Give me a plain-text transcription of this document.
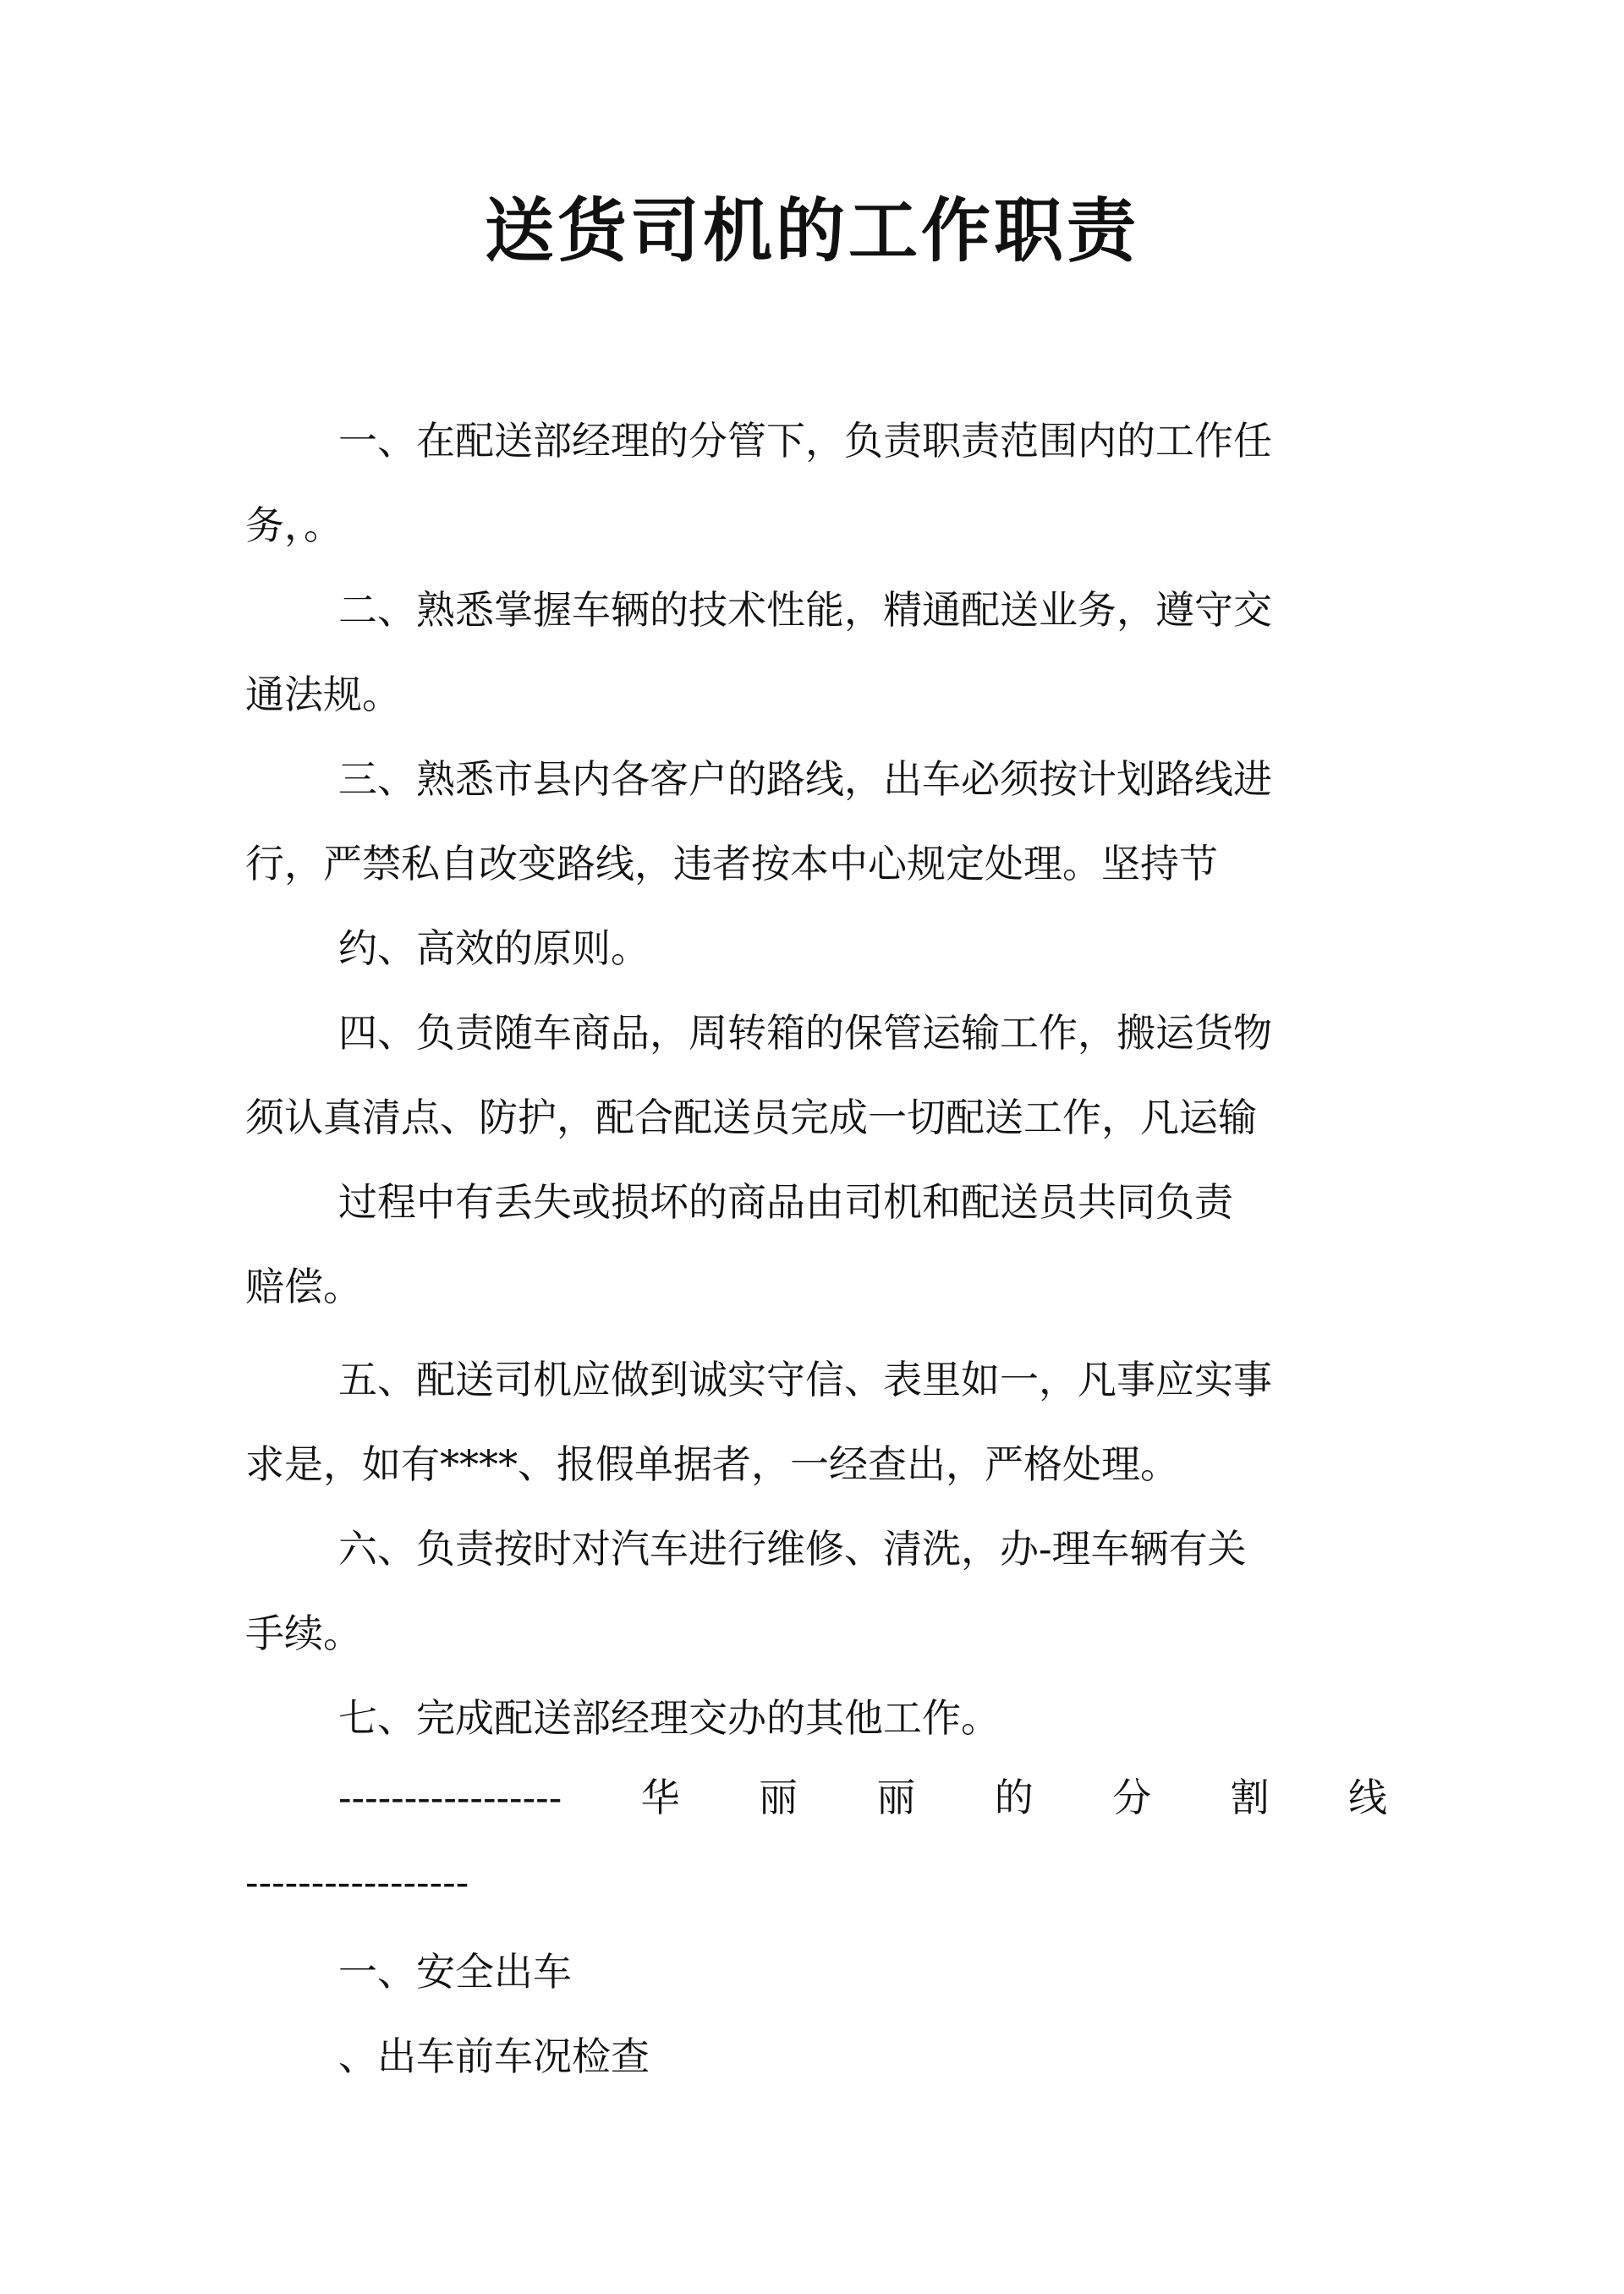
送货司机的工作职责
一、在配送部经理的分管下，负责职责范围内的工作任
务，。
二、熟悉掌握车辆的技术性能，精通配送业务，遵守交
通法规。
三、熟悉市县内各客户的路线，出车必须按计划路线进
行，严禁私自改变路线，违者按本中心规定处理。坚持节
约、高效的原则。
四、负责随车商品，周转箱的保管运输工作，搬运货物
须认真清点、防护，配合配送员完成一切配送工作，凡运输
过程中有丢失或损坏的商品由司机和配送员共同负责
赔偿。
五、配送司机应做到诚实守信、表里如一，凡事应实事
求是，如有****、报假单据者，一经查出，严格处理。
六、负责按时对汽车进行维修、清洗，办-理车辆有关
手续。
七、完成配送部经理交办的其他工作。
----------------- 华 丽 丽 的 分 割 线
-----------------
一、安全出车
、出车前车况检查
